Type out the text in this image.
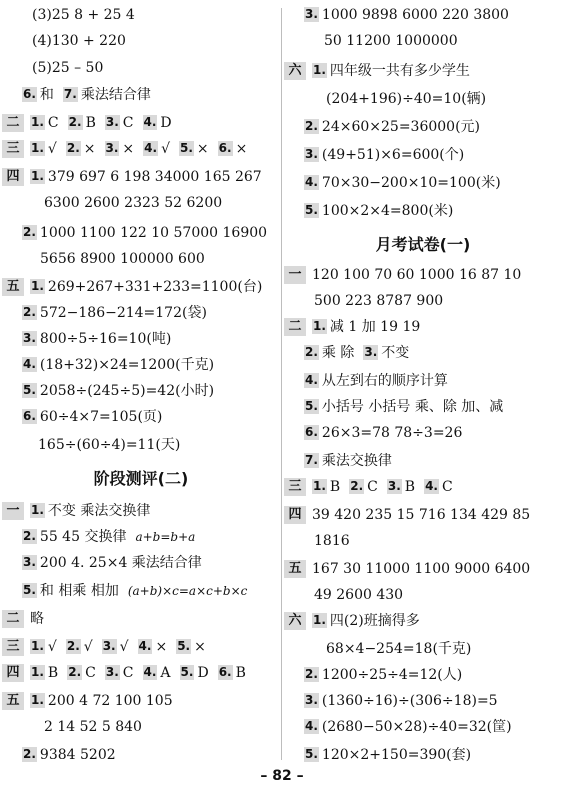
(3)25 8 + 25 4
(4)130 + 220
(5)25 – 50
6. 和 7. 乘法结合律
二 1. C 2. B 3. C 4. D
三 1. √ 2. × 3. × 4. √ 5. × 6. ×
四 1. 379 697 6 198 34000 165 267
6300 2600 2323 52 6200
2. 1000 1100 122 10 57000 16900
5656 8900 100000 600
五 1. 269+267+331+233=1100(台)
2. 572−186−214=172(袋)
3. 800÷5÷16=10(吨)
4. (18+32)×24=1200(千克)
5. 2058÷(245÷5)=42(小时)
6. 60÷4×7=105(页)
165÷(60÷4)=11(天)
阶段测评(二)
一 1. 不变 乘法交换律
2. 55 45 交换律 a+b=b+a
3. 200 4. 25×4 乘法结合律
5. 和 相乘 相加 (a+b)×c=a×c+b×c
二 略
三 1. √ 2. √ 3. √ 4. × 5. ×
四 1. B 2. C 3. C 4. A 5. D 6. B
五 1. 200 4 72 100 105
2 14 52 5 840
2. 9384 5202
3. 1000 9898 6000 220 3800
50 11200 1000000
六 1. 四年级一共有多少学生
(204+196)÷40=10(辆)
2. 24×60×25=36000(元)
3. (49+51)×6=600(个)
4. 70×30−200×10=100(米)
5. 100×2×4=800(米)
月考试卷(一)
一 120 100 70 60 1000 16 87 10
500 223 8787 900
二 1. 减 1 加 19 19
2. 乘 除 3. 不变
4. 从左到右的顺序计算
5. 小括号 小括号 乘、除 加、减
6. 26×3=78 78÷3=26
7. 乘法交换律
三 1. B 2. C 3. B 4. C
四 39 420 235 15 716 134 429 85
1816
五 167 30 11000 1100 9000 6400
49 2600 430
六 1. 四(2)班摘得多
68×4−254=18(千克)
2. 1200÷25÷4=12(人)
3. (1360÷16)÷(306÷18)=5
4. (2680−50×28)÷40=32(筐)
5. 120×2+150=390(套)
– 82 –
